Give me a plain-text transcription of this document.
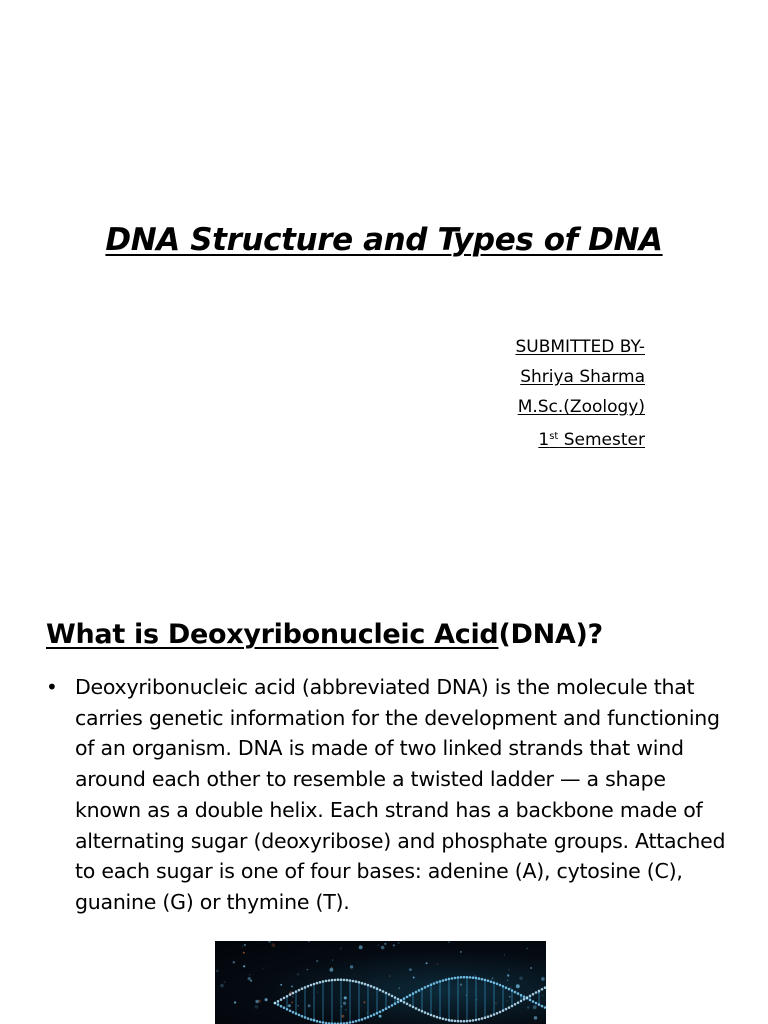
DNA Structure and Types of DNA
SUBMITTED BY-
Shriya Sharma
M.Sc.(Zoology)
1st Semester
What is Deoxyribonucleic Acid(DNA)?
• Deoxyribonucleic acid (abbreviated DNA) is the molecule that carries genetic information for the development and functioning of an organism. DNA is made of two linked strands that wind around each other to resemble a twisted ladder — a shape known as a double helix. Each strand has a backbone made of alternating sugar (deoxyribose) and phosphate groups. Attached to each sugar is one of four bases: adenine (A), cytosine (C), guanine (G) or thymine (T).
